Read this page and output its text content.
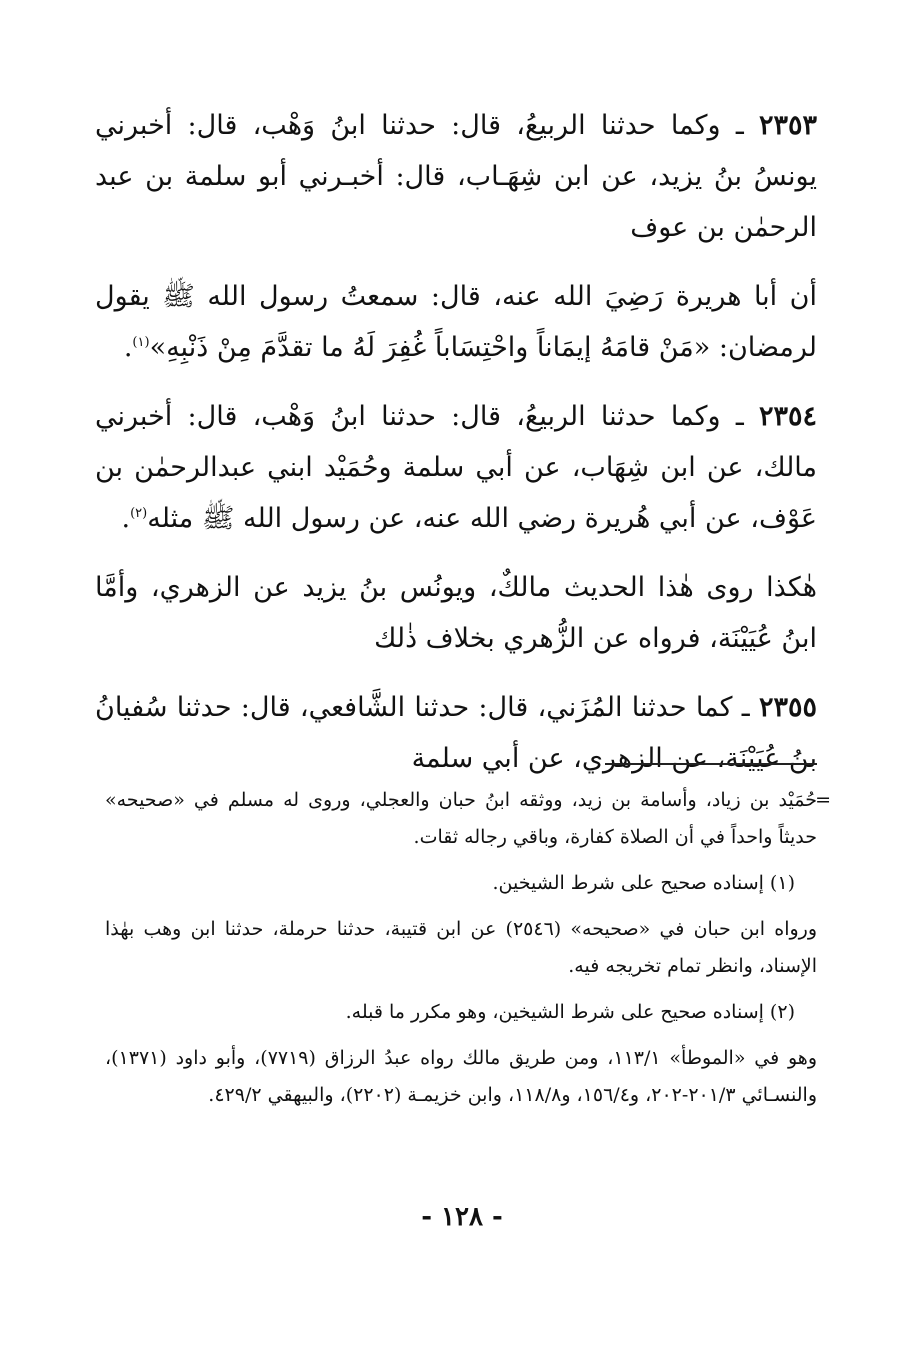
٢٣٥٣ ـ وكما حدثنا الربيعُ، قال: حدثنا ابنُ وَهْب، قال: أخبرني يونسُ بنُ يزيد، عن ابن شِهَـاب، قال: أخبـرني أبو سلمة بن عبد الرحمٰن بن عوف

أن أبا هريرة رَضِيَ الله عنه، قال: سمعتُ رسول الله ﷺ يقول لرمضان: «مَنْ قامَهُ إيمَاناً واحْتِسَاباً غُفِرَ لَهُ ما تقدَّمَ مِنْ ذَنْبِهِ»$^{(١)}$.

٢٣٥٤ ـ وكما حدثنا الربيعُ، قال: حدثنا ابنُ وَهْب، قال: أخبرني مالك، عن ابن شِهَاب، عن أبي سلمة وحُمَيْد ابني عبدالرحمٰن بن عَوْف، عن أبي هُريرة رضي الله عنه، عن رسول الله ﷺ مثله$^{(٢)}$.

هٰكذا روى هٰذا الحديث مالكٌ، ويونُس بنُ يزيد عن الزهري، وأمَّا ابنُ عُيَيْنَة، فرواه عن الزُّهري بخلاف ذٰلك

٢٣٥٥ ـ كما حدثنا المُزَني، قال: حدثنا الشَّافعي، قال: حدثنا سُفيانُ بنُ عُيَيْنَة، عن الزهري، عن أبي سلمة

=
حُمَيْد بن زياد، وأسامة بن زيد، ووثقه ابنُ حبان والعجلي، وروى له مسلم في «صحيحه» حديثاً واحداً في أن الصلاة كفارة، وباقي رجاله ثقات.

(١) إسناده صحيح على شرط الشيخين.

ورواه ابن حبان في «صحيحه» (٢٥٤٦) عن ابن قتيبة، حدثنا حرملة، حدثنا ابن وهب بهٰذا الإسناد، وانظر تمام تخريجه فيه.

(٢) إسناده صحيح على شرط الشيخين، وهو مكرر ما قبله.

وهو في «الموطأ» ١١٣/١، ومن طريق مالك رواه عبدُ الرزاق (٧٧١٩)، وأبو داود (١٣٧١)، والنسـائي ٢٠١/٣-٢٠٢، و١٥٦/٤، و١١٨/٨، وابن خزيمـة (٢٢٠٢)، والبيهقي ٤٢٩/٢.

- ١٢٨ -
